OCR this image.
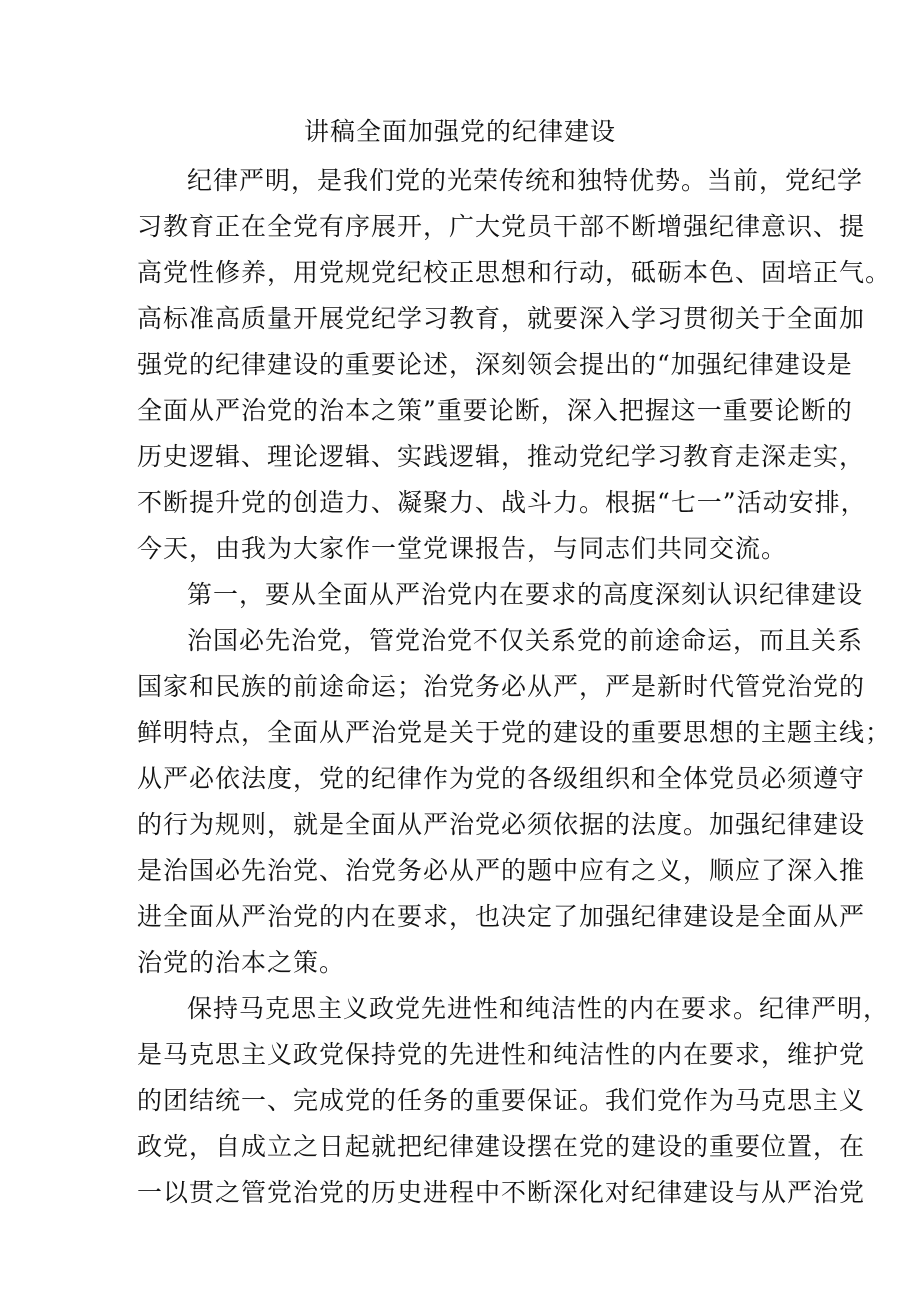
讲稿全面加强党的纪律建设
纪律严明，是我们党的光荣传统和独特优势。当前，党纪学
习教育正在全党有序展开，广大党员干部不断增强纪律意识、提
高党性修养，用党规党纪校正思想和行动，砥砺本色、固培正气。
高标准高质量开展党纪学习教育，就要深入学习贯彻关于全面加
强党的纪律建设的重要论述，深刻领会提出的“加强纪律建设是
全面从严治党的治本之策”重要论断，深入把握这一重要论断的
历史逻辑、理论逻辑、实践逻辑，推动党纪学习教育走深走实，
不断提升党的创造力、凝聚力、战斗力。根据“七一”活动安排，
今天，由我为大家作一堂党课报告，与同志们共同交流。
第一，要从全面从严治党内在要求的高度深刻认识纪律建设
治国必先治党，管党治党不仅关系党的前途命运，而且关系
国家和民族的前途命运；治党务必从严，严是新时代管党治党的
鲜明特点，全面从严治党是关于党的建设的重要思想的主题主线；
从严必依法度，党的纪律作为党的各级组织和全体党员必须遵守
的行为规则，就是全面从严治党必须依据的法度。加强纪律建设
是治国必先治党、治党务必从严的题中应有之义，顺应了深入推
进全面从严治党的内在要求，也决定了加强纪律建设是全面从严
治党的治本之策。
保持马克思主义政党先进性和纯洁性的内在要求。纪律严明，
是马克思主义政党保持党的先进性和纯洁性的内在要求，维护党
的团结统一、完成党的任务的重要保证。我们党作为马克思主义
政党，自成立之日起就把纪律建设摆在党的建设的重要位置，在
一以贯之管党治党的历史进程中不断深化对纪律建设与从严治党
